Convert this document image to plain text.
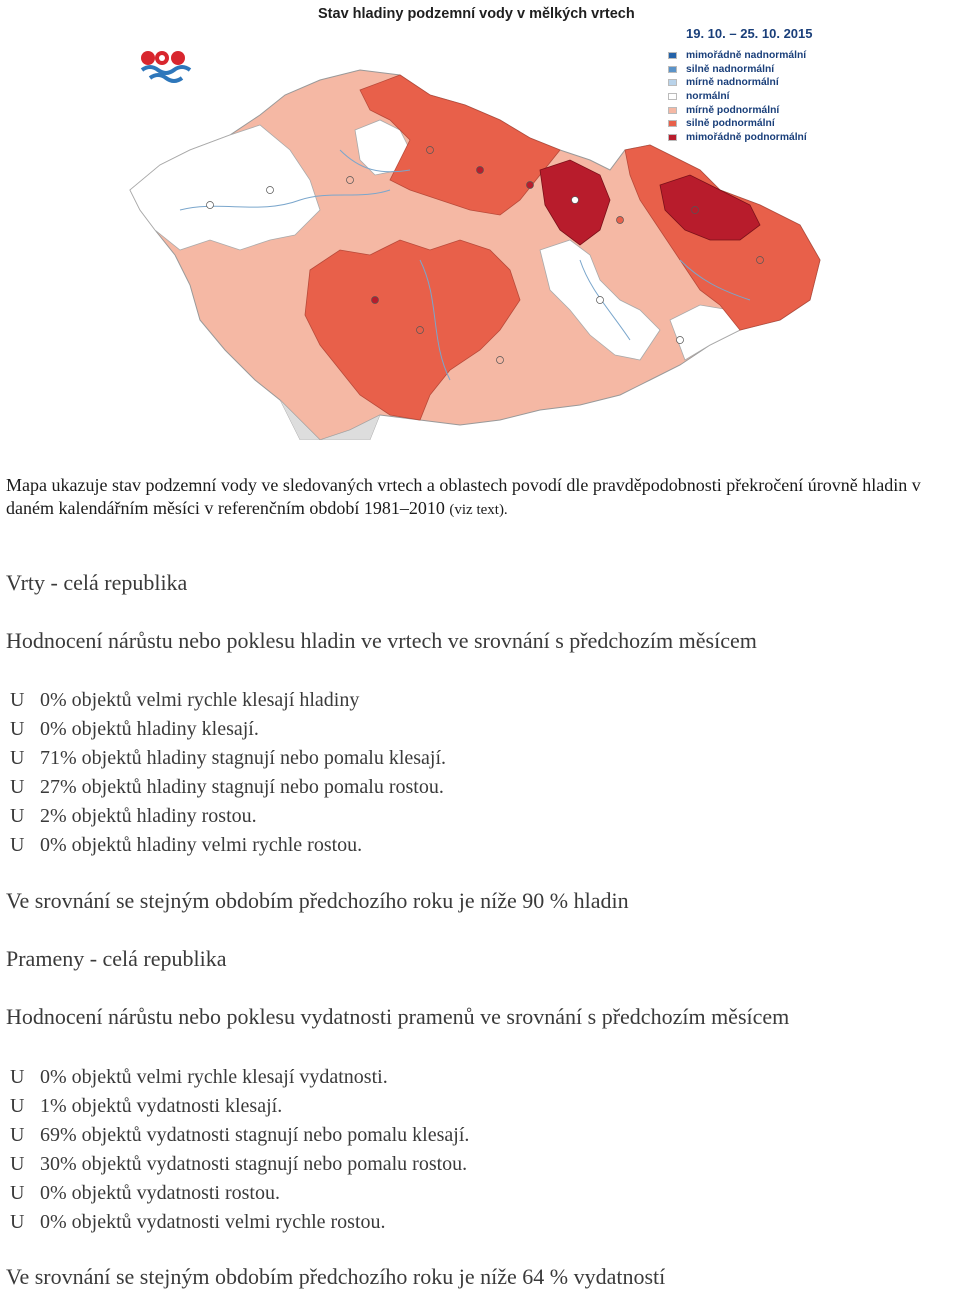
Stav hladiny podzemní vody v mělkých vrtech
19. 10. – 25. 10. 2015
mimořádně nadnormální
silně nadnormální
mírně nadnormální
normální
mírně podnormální
silně podnormální
mimořádně podnormální
Mapa ukazuje stav podzemní vody ve sledovaných vrtech a oblastech povodí dle pravděpodobnosti překročení úrovně hladin v daném kalendářním měsíci v referenčním období 1981–2010 (viz text).
Vrty - celá republika
Hodnocení nárůstu nebo poklesu hladin ve vrtech ve srovnání s předchozím měsícem
U 0% objektů velmi rychle klesají hladiny
U 0% objektů hladiny klesají.
U 71% objektů hladiny stagnují nebo pomalu klesají.
U 27% objektů hladiny stagnují nebo pomalu rostou.
U 2% objektů hladiny rostou.
U 0% objektů hladiny velmi rychle rostou.
Ve srovnání se stejným obdobím předchozího roku je níže 90 % hladin
Prameny - celá republika
Hodnocení nárůstu nebo poklesu vydatnosti pramenů ve srovnání s předchozím měsícem
U 0% objektů velmi rychle klesají vydatnosti.
U 1% objektů vydatnosti klesají.
U 69% objektů vydatnosti stagnují nebo pomalu klesají.
U 30% objektů vydatnosti stagnují nebo pomalu rostou.
U 0% objektů vydatnosti rostou.
U 0% objektů vydatnosti velmi rychle rostou.
Ve srovnání se stejným obdobím předchozího roku je níže 64 % vydatností
